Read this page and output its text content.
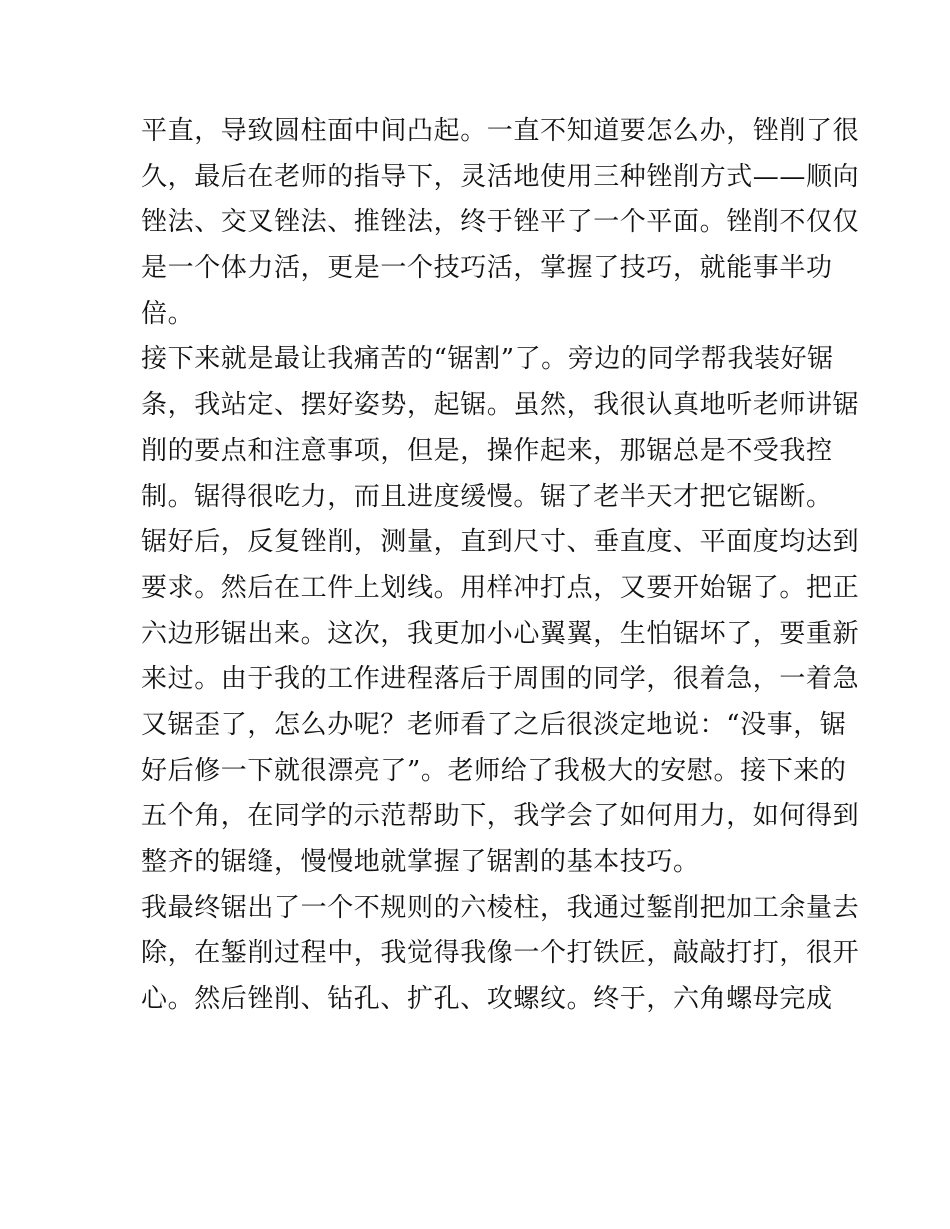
平直，导致圆柱面中间凸起。一直不知道要怎么办，锉削了很
久，最后在老师的指导下，灵活地使用三种锉削方式——顺向
锉法、交叉锉法、推锉法，终于锉平了一个平面。锉削不仅仅
是一个体力活，更是一个技巧活，掌握了技巧，就能事半功
倍。
接下来就是最让我痛苦的“锯割”了。旁边的同学帮我装好锯
条，我站定、摆好姿势，起锯。虽然，我很认真地听老师讲锯
削的要点和注意事项，但是，操作起来，那锯总是不受我控
制。锯得很吃力，而且进度缓慢。锯了老半天才把它锯断。
锯好后，反复锉削，测量，直到尺寸、垂直度、平面度均达到
要求。然后在工件上划线。用样冲打点，又要开始锯了。把正
六边形锯出来。这次，我更加小心翼翼，生怕锯坏了，要重新
来过。由于我的工作进程落后于周围的同学，很着急，一着急
又锯歪了，怎么办呢？老师看了之后很淡定地说：“没事，锯
好后修一下就很漂亮了”。老师给了我极大的安慰。接下来的
五个角，在同学的示范帮助下，我学会了如何用力，如何得到
整齐的锯缝，慢慢地就掌握了锯割的基本技巧。
我最终锯出了一个不规则的六棱柱，我通过錾削把加工余量去
除，在錾削过程中，我觉得我像一个打铁匠，敲敲打打，很开
心。然后锉削、钻孔、扩孔、攻螺纹。终于，六角螺母完成
